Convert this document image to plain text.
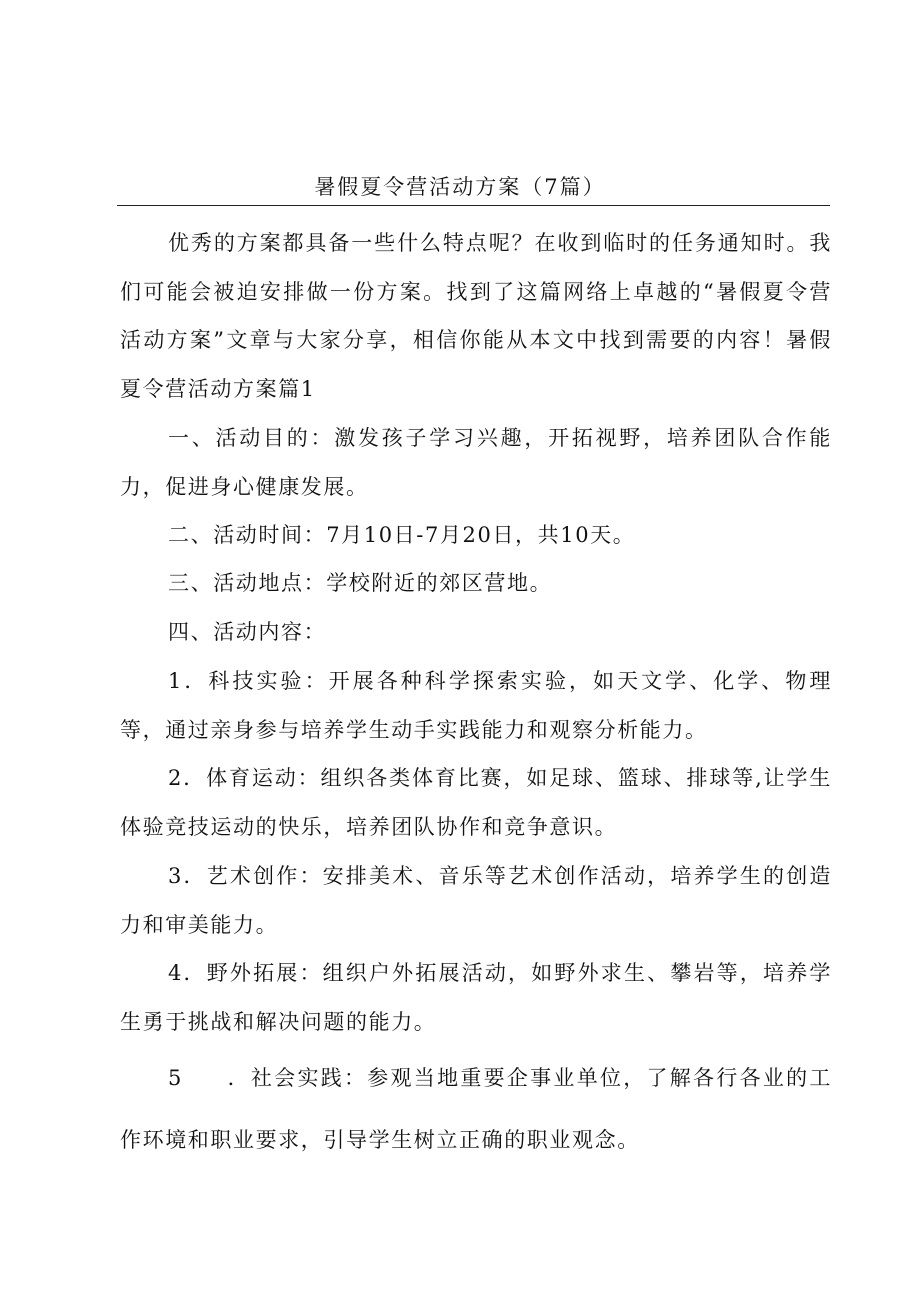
暑假夏令营活动方案（7篇）

优秀的方案都具备一些什么特点呢？在收到临时的任务通知时。我们可能会被迫安排做一份方案。找到了这篇网络上卓越的“暑假夏令营活动方案”文章与大家分享，相信你能从本文中找到需要的内容！暑假夏令营活动方案篇1

一、活动目的：激发孩子学习兴趣，开拓视野，培养团队合作能力，促进身心健康发展。

二、活动时间：7月10日-7月20日，共10天。

三、活动地点：学校附近的郊区营地。

四、活动内容：

1．科技实验：开展各种科学探索实验，如天文学、化学、物理等，通过亲身参与培养学生动手实践能力和观察分析能力。

2．体育运动：组织各类体育比赛，如足球、篮球、排球等,让学生体验竞技运动的快乐，培养团队协作和竞争意识。

3．艺术创作：安排美术、音乐等艺术创作活动，培养学生的创造力和审美能力。

4．野外拓展：组织户外拓展活动，如野外求生、攀岩等，培养学生勇于挑战和解决问题的能力。

5 ．社会实践：参观当地重要企事业单位，了解各行各业的工作环境和职业要求，引导学生树立正确的职业观念。
